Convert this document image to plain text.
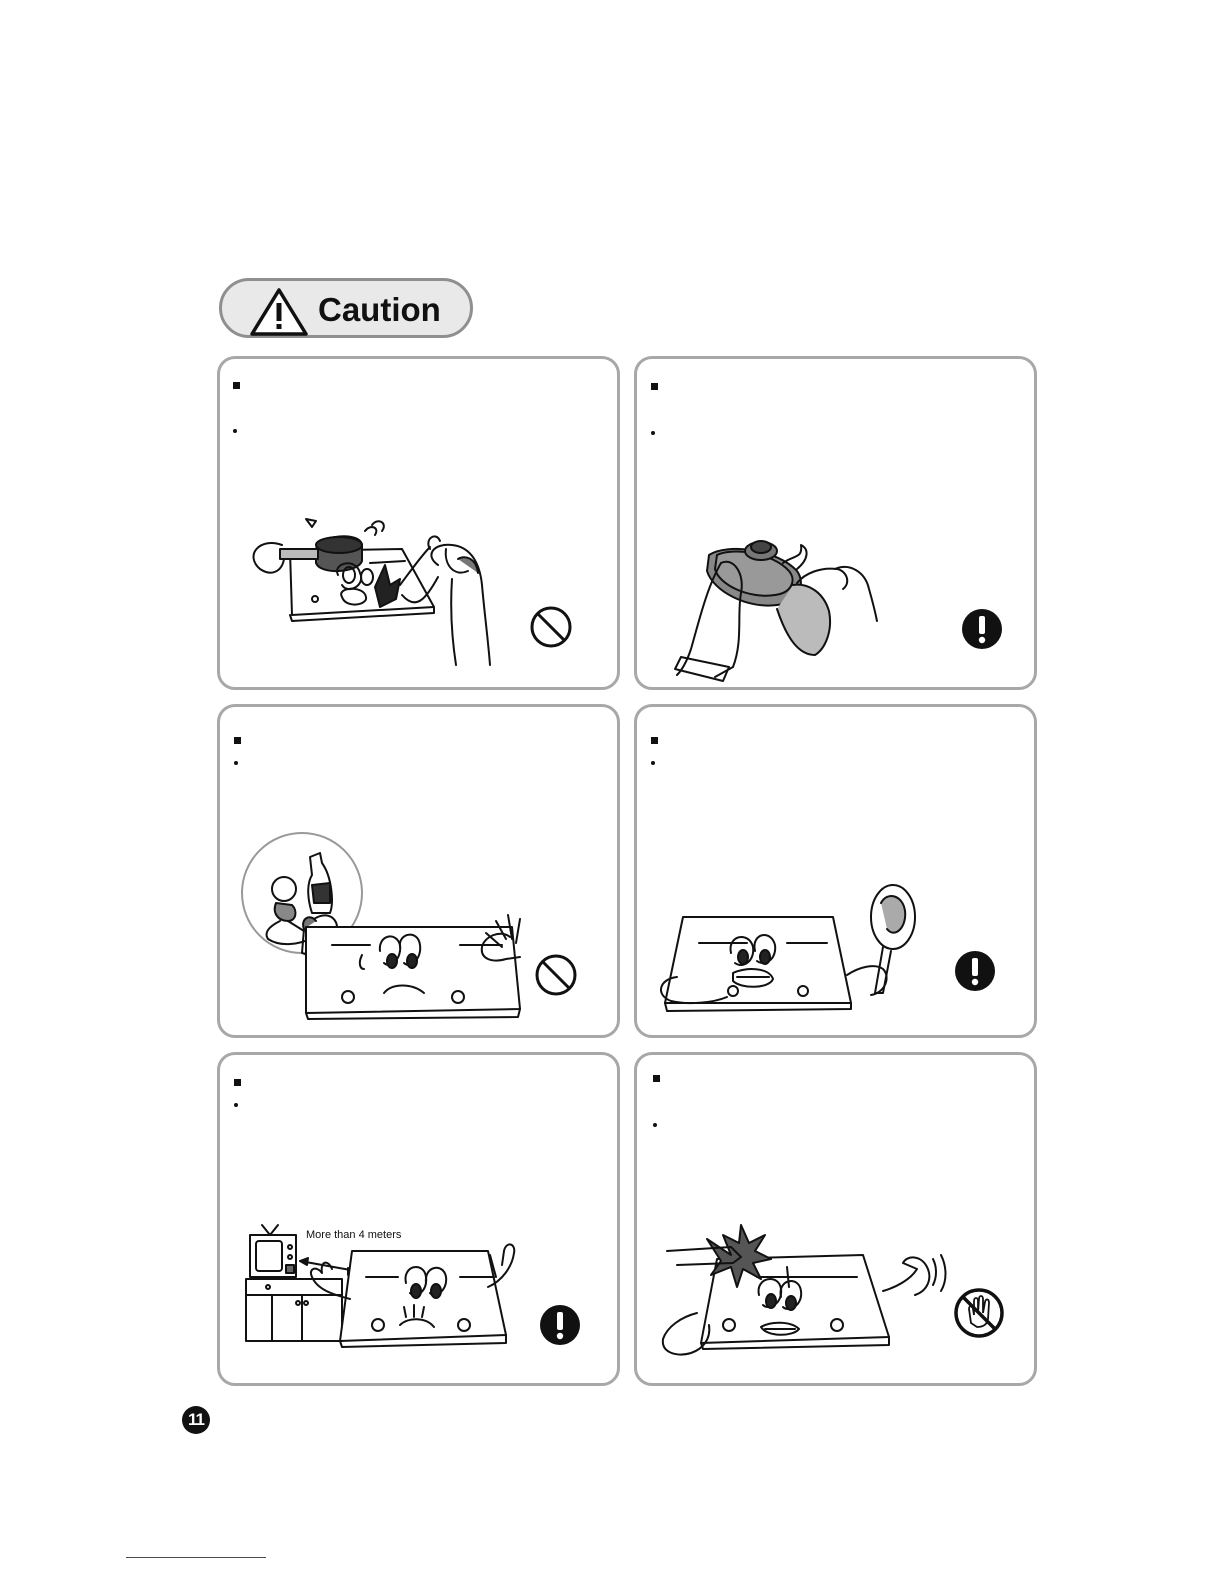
Caution
More than 4 meters
11
